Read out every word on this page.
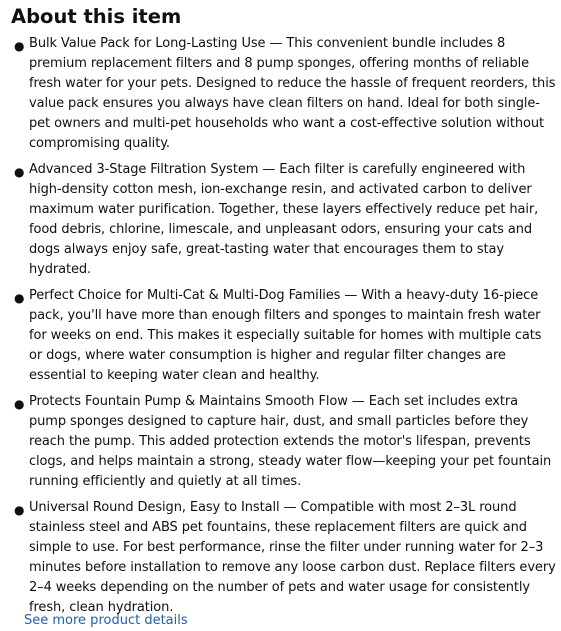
About this item
● Bulk Value Pack for Long-Lasting Use — This convenient bundle includes 8 premium replacement filters and 8 pump sponges, offering months of reliable fresh water for your pets. Designed to reduce the hassle of frequent reorders, this value pack ensures you always have clean filters on hand. Ideal for both single-pet owners and multi-pet households who want a cost-effective solution without compromising quality.
● Advanced 3-Stage Filtration System — Each filter is carefully engineered with high-density cotton mesh, ion-exchange resin, and activated carbon to deliver maximum water purification. Together, these layers effectively reduce pet hair, food debris, chlorine, limescale, and unpleasant odors, ensuring your cats and dogs always enjoy safe, great-tasting water that encourages them to stay hydrated.
● Perfect Choice for Multi-Cat & Multi-Dog Families — With a heavy-duty 16-piece pack, you'll have more than enough filters and sponges to maintain fresh water for weeks on end. This makes it especially suitable for homes with multiple cats or dogs, where water consumption is higher and regular filter changes are essential to keeping water clean and healthy.
● Protects Fountain Pump & Maintains Smooth Flow — Each set includes extra pump sponges designed to capture hair, dust, and small particles before they reach the pump. This added protection extends the motor's lifespan, prevents clogs, and helps maintain a strong, steady water flow—keeping your pet fountain running efficiently and quietly at all times.
● Universal Round Design, Easy to Install — Compatible with most 2–3L round stainless steel and ABS pet fountains, these replacement filters are quick and simple to use. For best performance, rinse the filter under running water for 2–3 minutes before installation to remove any loose carbon dust. Replace filters every 2–4 weeks depending on the number of pets and water usage for consistently fresh, clean hydration.
See more product details
